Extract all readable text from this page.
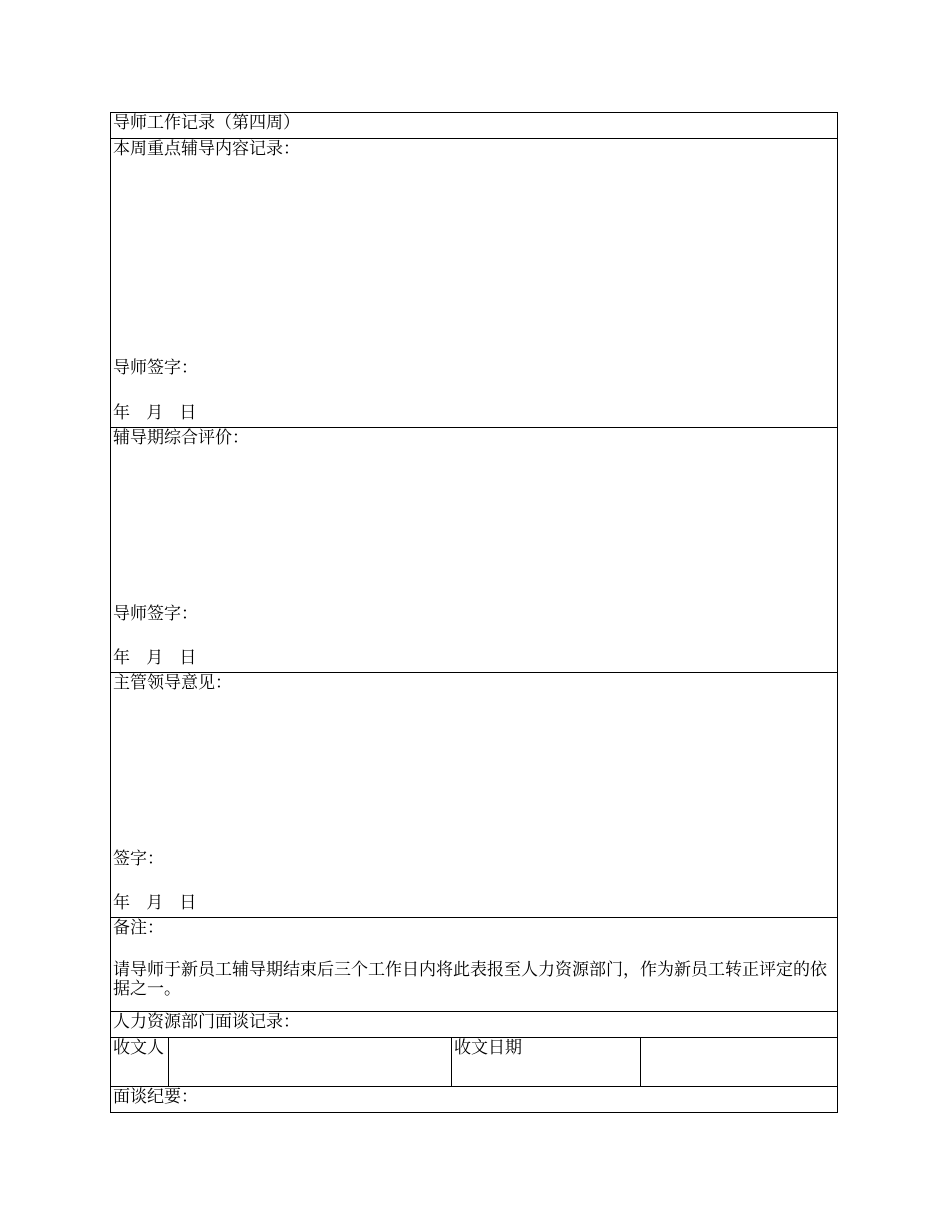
导师工作记录（第四周）

本周重点辅导内容记录：
导师签字：
年   月   日

辅导期综合评价：
导师签字：
年   月   日

主管领导意见：
签字：
年   月   日

备注：
请导师于新员工辅导期结束后三个工作日内将此表报至人力资源部门，作为新员工转正评定的依据之一。

人力资源部门面谈记录：
收文人		收文日期	
面谈纪要：
